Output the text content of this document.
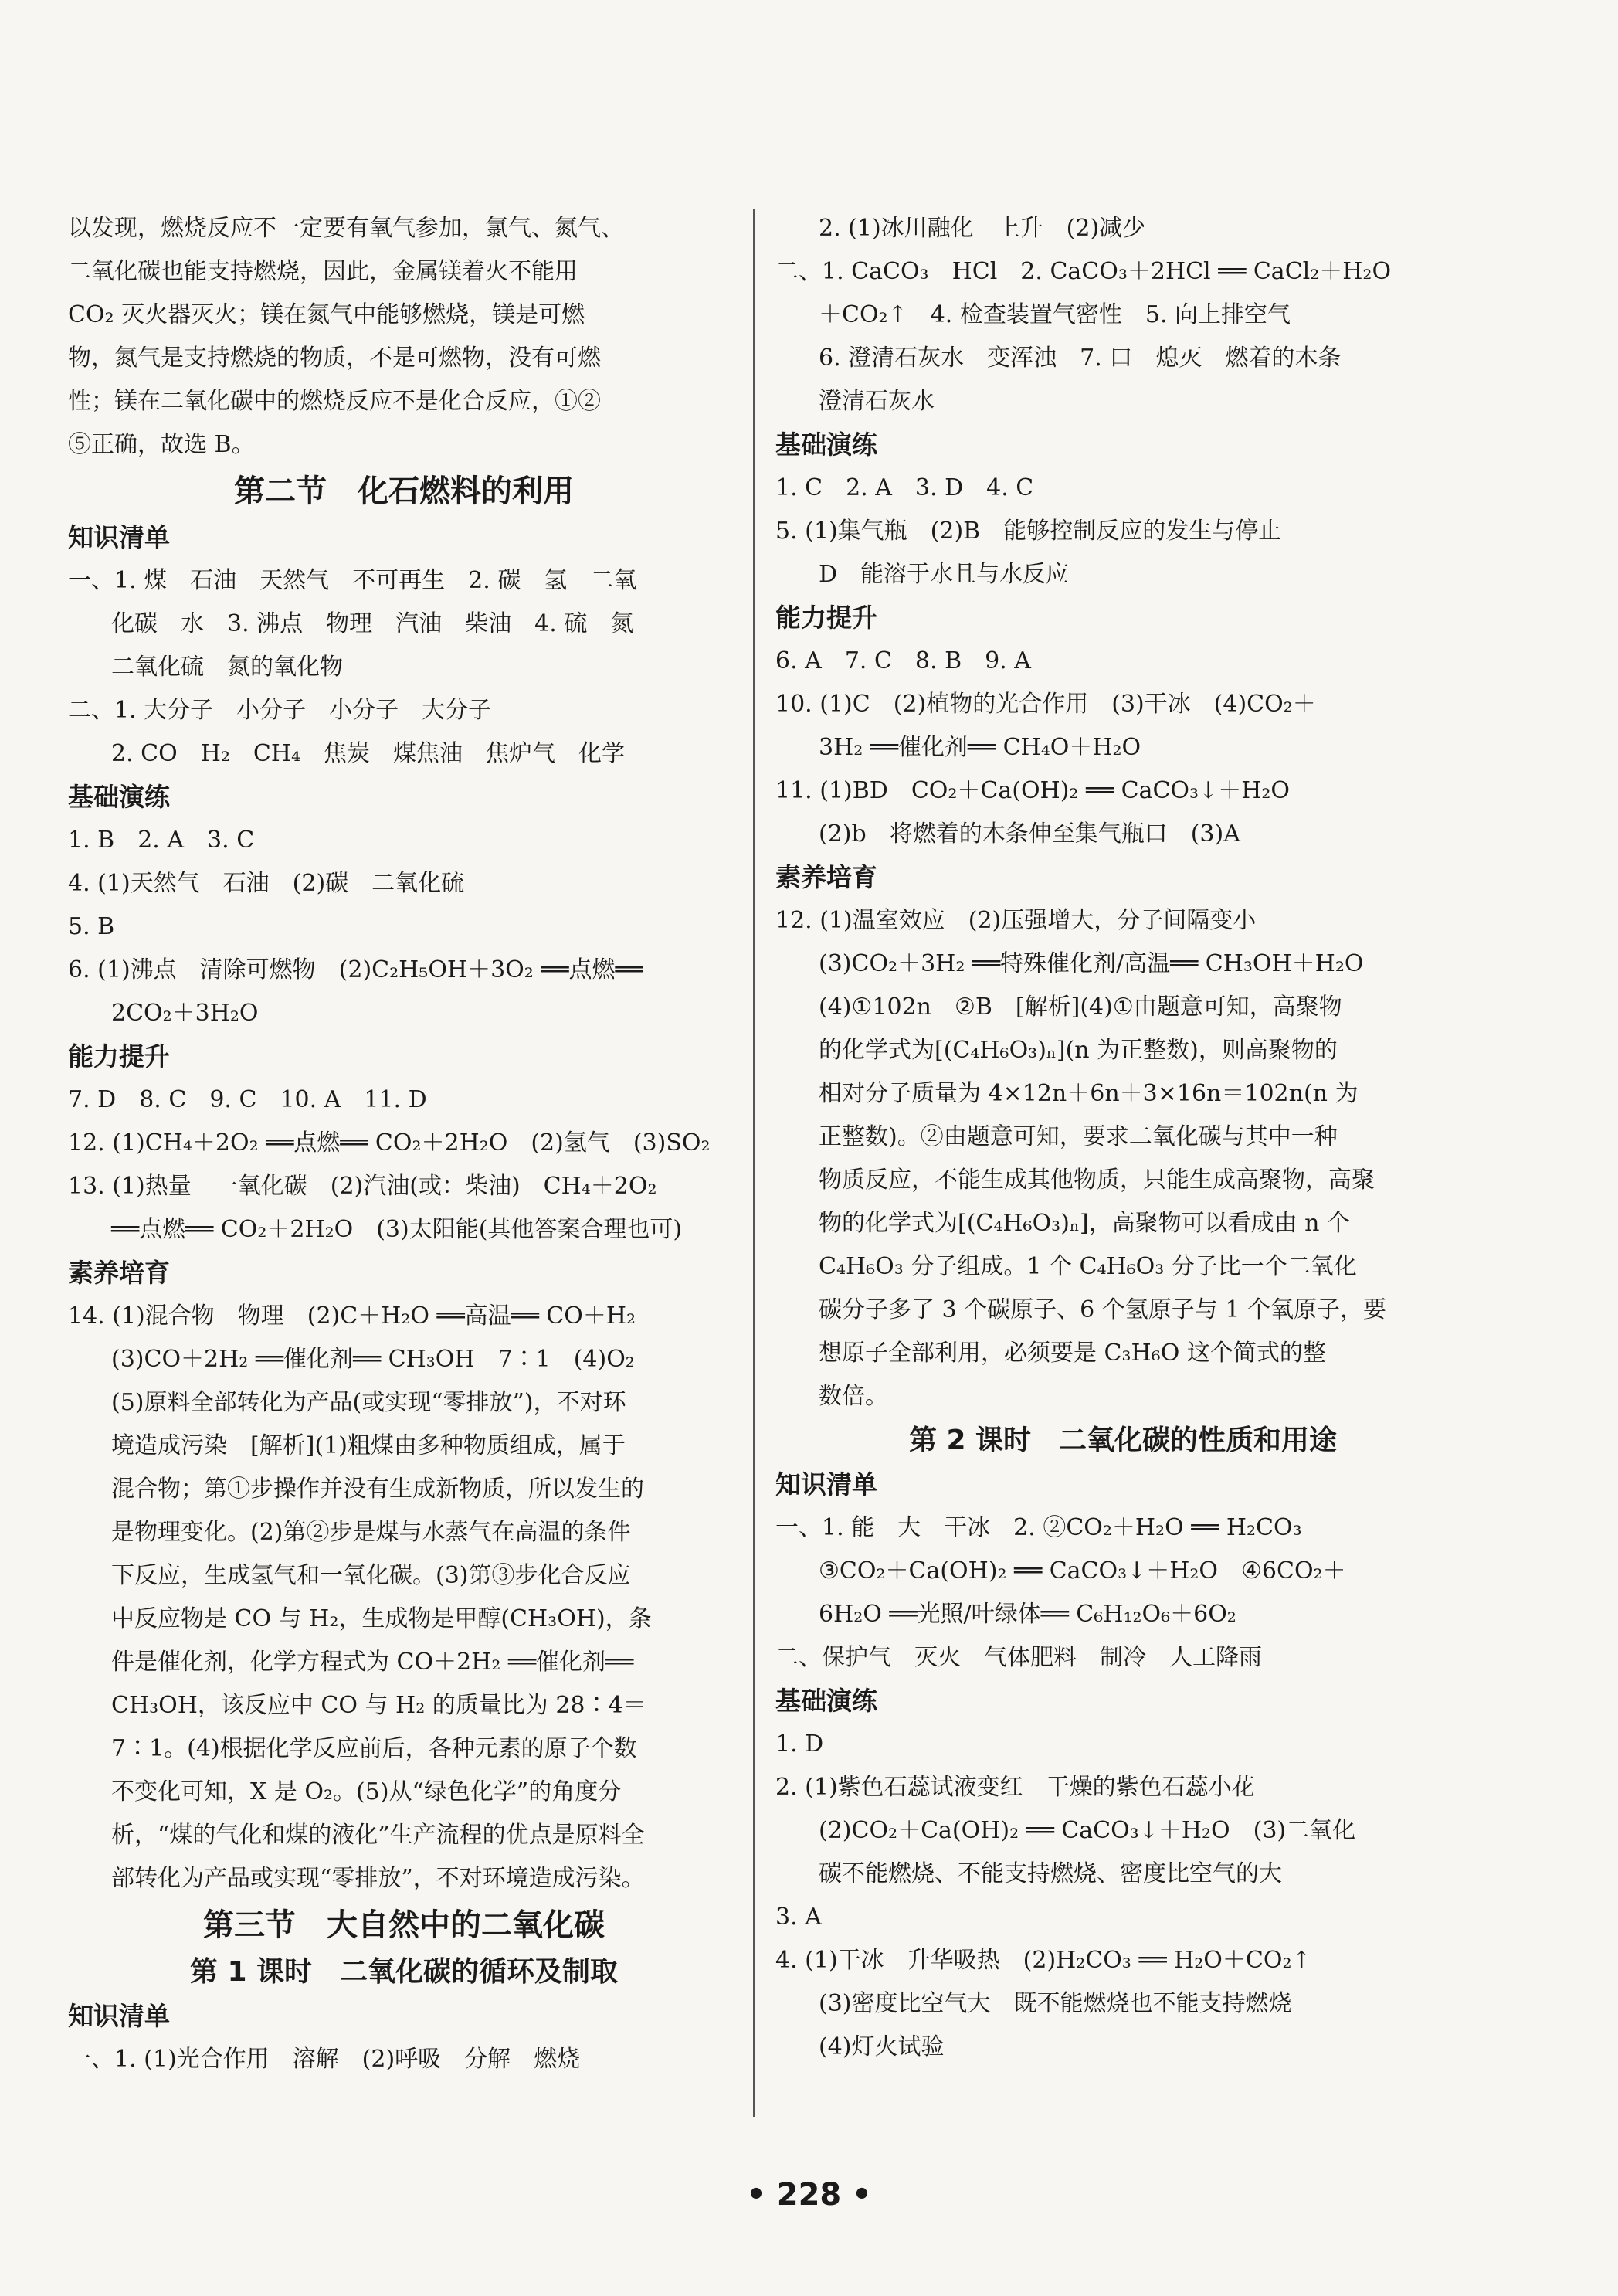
以发现，燃烧反应不一定要有氧气参加，氯气、氮气、
二氧化碳也能支持燃烧，因此，金属镁着火不能用
CO₂ 灭火器灭火；镁在氮气中能够燃烧，镁是可燃
物，氮气是支持燃烧的物质，不是可燃物，没有可燃
性；镁在二氧化碳中的燃烧反应不是化合反应，①②
⑤正确，故选 B。
第二节　化石燃料的利用
知识清单
一、1. 煤　石油　天然气　不可再生　2. 碳　氢　二氧
化碳　水　3. 沸点　物理　汽油　柴油　4. 硫　氮
二氧化硫　氮的氧化物
二、1. 大分子　小分子　小分子　大分子
2. CO　H₂　CH₄　焦炭　煤焦油　焦炉气　化学
基础演练
1. B　2. A　3. C
4. (1)天然气　石油　(2)碳　二氧化硫
5. B
6. (1)沸点　清除可燃物　(2)C₂H₅OH＋3O₂ ══点燃══
2CO₂＋3H₂O
能力提升
7. D　8. C　9. C　10. A　11. D
12. (1)CH₄＋2O₂ ══点燃══ CO₂＋2H₂O　(2)氢气　(3)SO₂
13. (1)热量　一氧化碳　(2)汽油(或：柴油)　CH₄＋2O₂
══点燃══ CO₂＋2H₂O　(3)太阳能(其他答案合理也可)
素养培育
14. (1)混合物　物理　(2)C＋H₂O ══高温══ CO＋H₂
(3)CO＋2H₂ ══催化剂══ CH₃OH　7∶1　(4)O₂
(5)原料全部转化为产品(或实现“零排放”)，不对环
境造成污染　[解析](1)粗煤由多种物质组成，属于
混合物；第①步操作并没有生成新物质，所以发生的
是物理变化。(2)第②步是煤与水蒸气在高温的条件
下反应，生成氢气和一氧化碳。(3)第③步化合反应
中反应物是 CO 与 H₂，生成物是甲醇(CH₃OH)，条
件是催化剂，化学方程式为 CO＋2H₂ ══催化剂══
CH₃OH，该反应中 CO 与 H₂ 的质量比为 28∶4＝
7∶1。(4)根据化学反应前后，各种元素的原子个数
不变化可知，X 是 O₂。(5)从“绿色化学”的角度分
析，“煤的气化和煤的液化”生产流程的优点是原料全
部转化为产品或实现“零排放”，不对环境造成污染。
第三节　大自然中的二氧化碳
第 1 课时　二氧化碳的循环及制取
知识清单
一、1. (1)光合作用　溶解　(2)呼吸　分解　燃烧
2. (1)冰川融化　上升　(2)减少
二、1. CaCO₃　HCl　2. CaCO₃＋2HCl ══ CaCl₂＋H₂O
＋CO₂↑　4. 检查装置气密性　5. 向上排空气
6. 澄清石灰水　变浑浊　7. 口　熄灭　燃着的木条
澄清石灰水
基础演练
1. C　2. A　3. D　4. C
5. (1)集气瓶　(2)B　能够控制反应的发生与停止
D　能溶于水且与水反应
能力提升
6. A　7. C　8. B　9. A
10. (1)C　(2)植物的光合作用　(3)干冰　(4)CO₂＋
3H₂ ══催化剂══ CH₄O＋H₂O
11. (1)BD　CO₂＋Ca(OH)₂ ══ CaCO₃↓＋H₂O
(2)b　将燃着的木条伸至集气瓶口　(3)A
素养培育
12. (1)温室效应　(2)压强增大，分子间隔变小
(3)CO₂＋3H₂ ══特殊催化剂/高温══ CH₃OH＋H₂O
(4)①102n　②B　[解析](4)①由题意可知，高聚物
的化学式为[(C₄H₆O₃)ₙ](n 为正整数)，则高聚物的
相对分子质量为 4×12n＋6n＋3×16n＝102n(n 为
正整数)。②由题意可知，要求二氧化碳与其中一种
物质反应，不能生成其他物质，只能生成高聚物，高聚
物的化学式为[(C₄H₆O₃)ₙ]，高聚物可以看成由 n 个
C₄H₆O₃ 分子组成。1 个 C₄H₆O₃ 分子比一个二氧化
碳分子多了 3 个碳原子、6 个氢原子与 1 个氧原子，要
想原子全部利用，必须要是 C₃H₆O 这个简式的整
数倍。
第 2 课时　二氧化碳的性质和用途
知识清单
一、1. 能　大　干冰　2. ②CO₂＋H₂O ══ H₂CO₃
③CO₂＋Ca(OH)₂ ══ CaCO₃↓＋H₂O　④6CO₂＋
6H₂O ══光照/叶绿体══ C₆H₁₂O₆＋6O₂
二、保护气　灭火　气体肥料　制冷　人工降雨
基础演练
1. D
2. (1)紫色石蕊试液变红　干燥的紫色石蕊小花
(2)CO₂＋Ca(OH)₂ ══ CaCO₃↓＋H₂O　(3)二氧化
碳不能燃烧、不能支持燃烧、密度比空气的大
3. A
4. (1)干冰　升华吸热　(2)H₂CO₃ ══ H₂O＋CO₂↑
(3)密度比空气大　既不能燃烧也不能支持燃烧
(4)灯火试验
• 228 •
